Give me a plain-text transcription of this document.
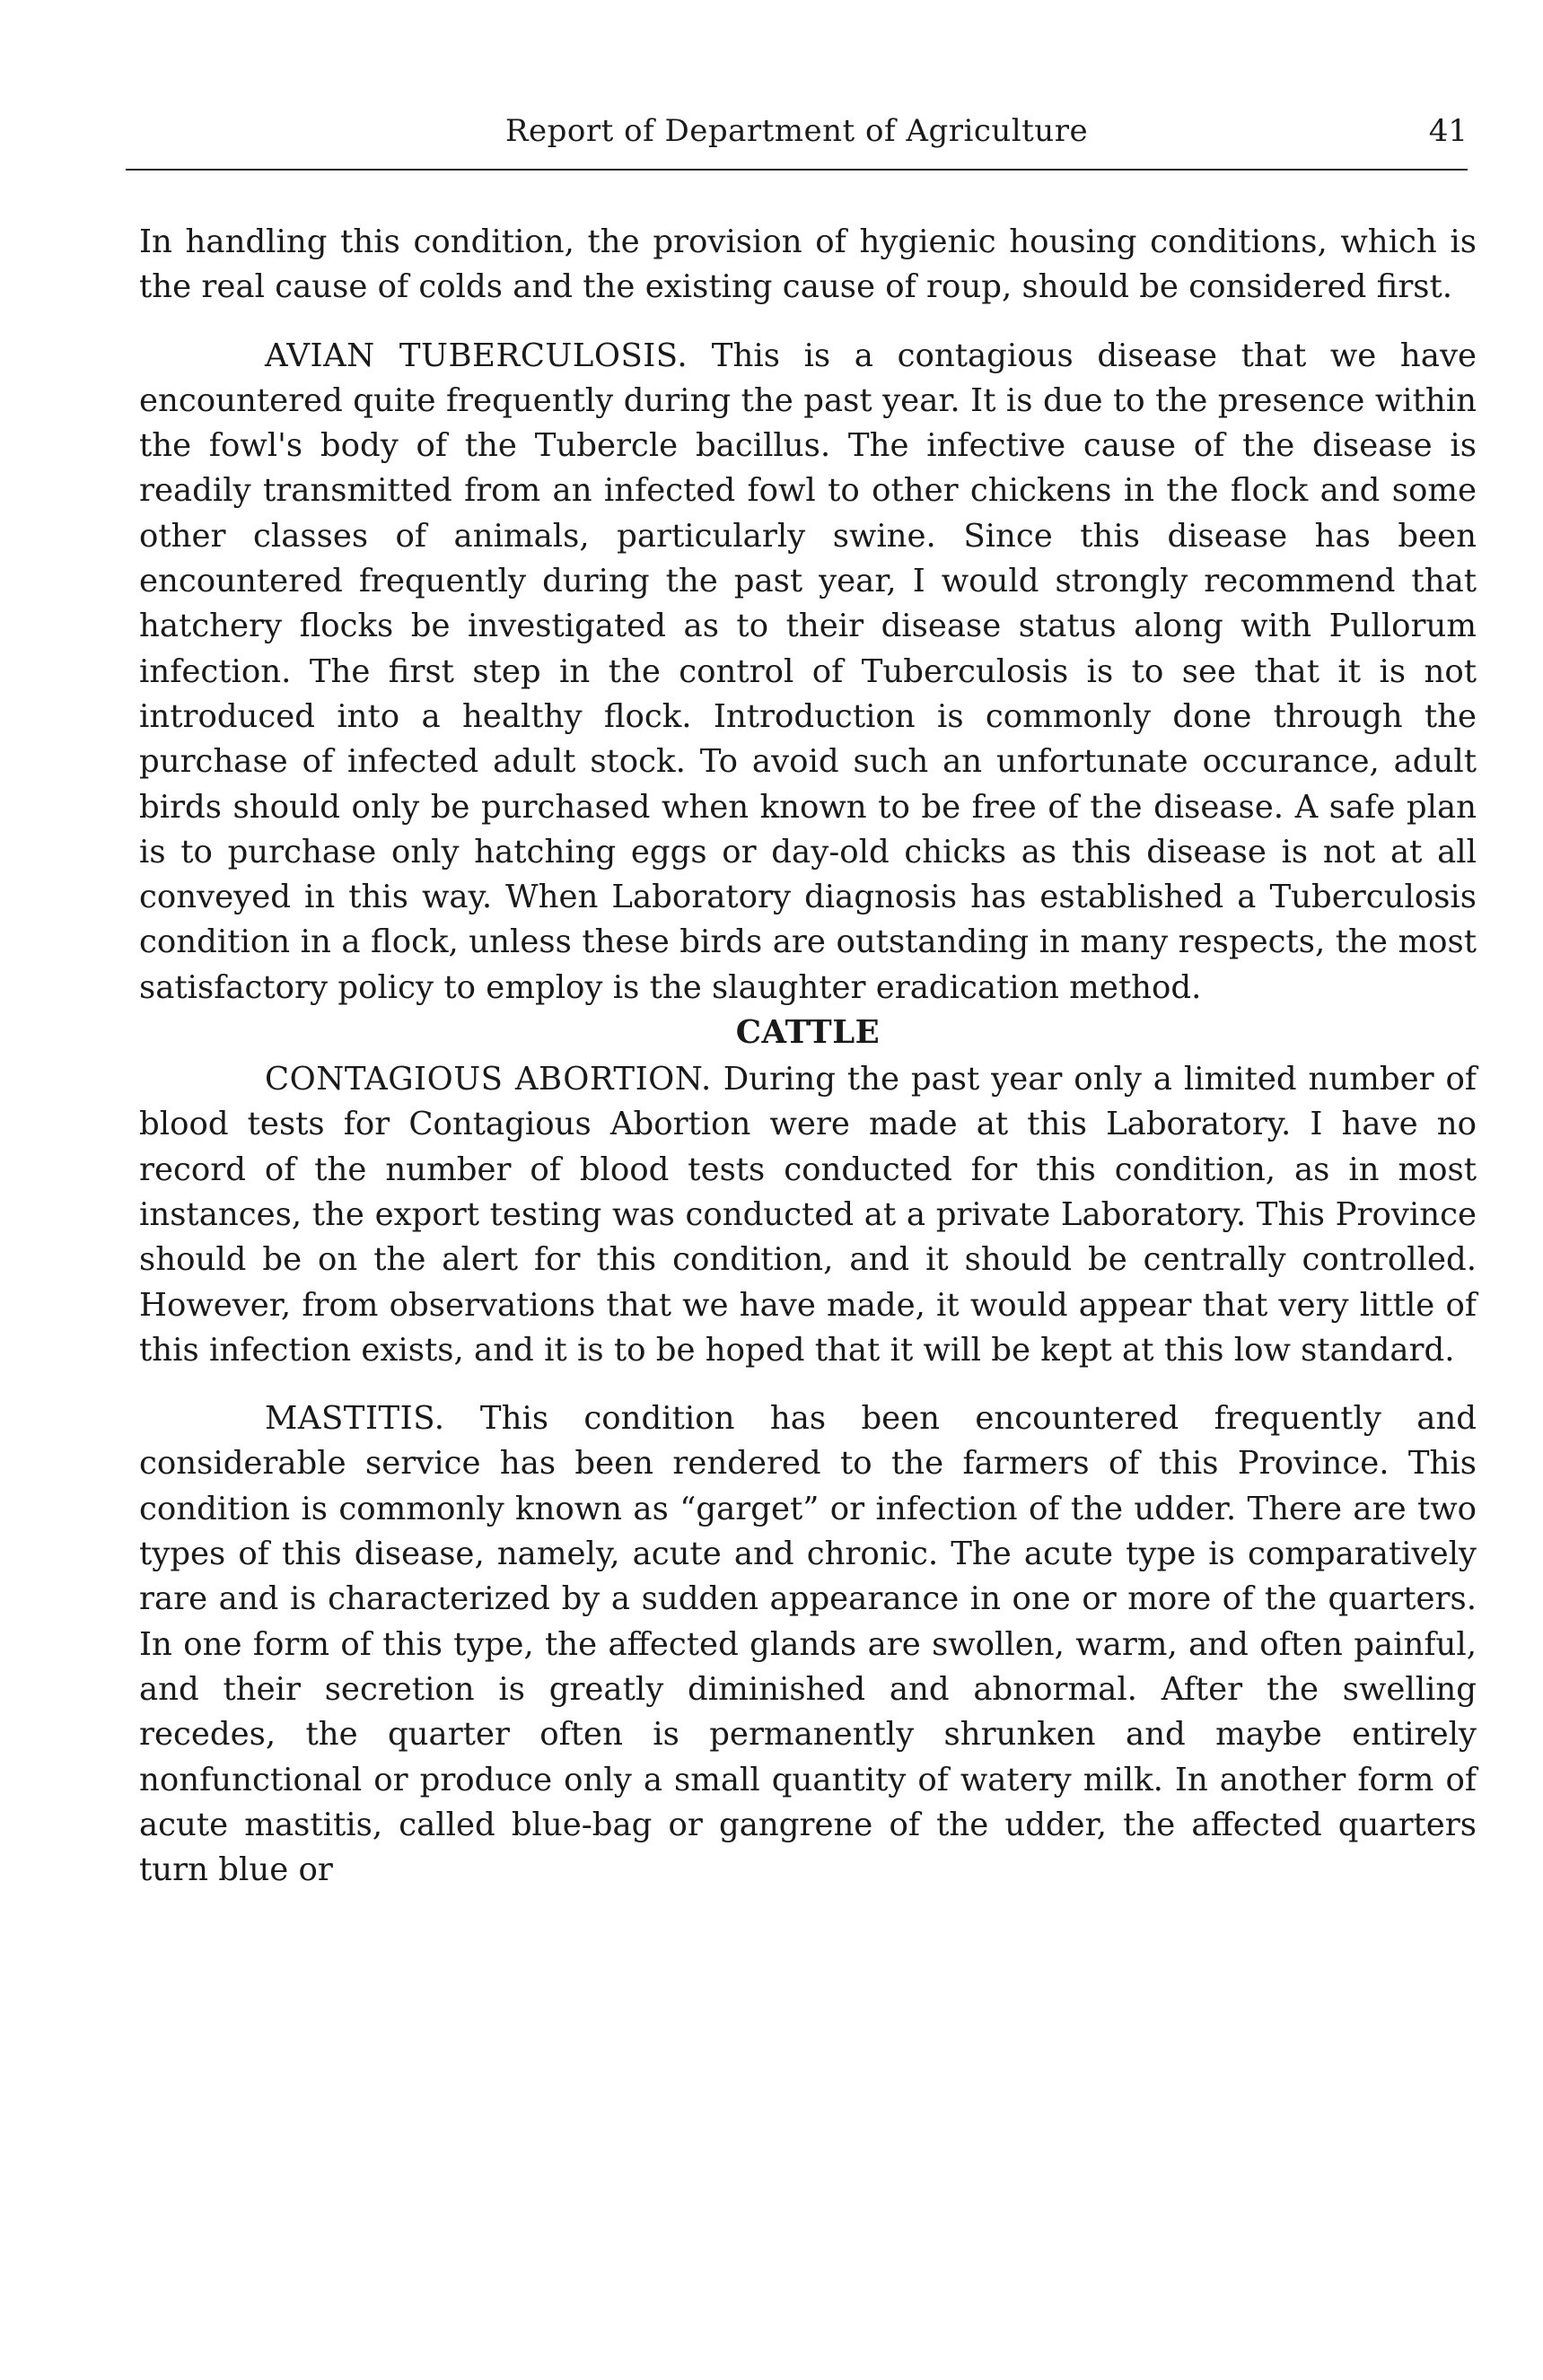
Report of Department of Agriculture	41

In handling this condition, the provision of hygienic housing conditions, which is the real cause of colds and the existing cause of roup, should be considered first.

AVIAN TUBERCULOSIS. This is a contagious disease that we have encountered quite frequently during the past year. It is due to the presence within the fowl's body of the Tubercle bacillus. The infective cause of the disease is readily transmitted from an infected fowl to other chickens in the flock and some other classes of animals, particularly swine. Since this disease has been encountered frequently during the past year, I would strongly recommend that hatchery flocks be investigated as to their disease status along with Pullorum infection. The first step in the control of Tuberculosis is to see that it is not introduced into a healthy flock. Introduction is commonly done through the purchase of infected adult stock. To avoid such an unfortunate occurance, adult birds should only be purchased when known to be free of the disease. A safe plan is to purchase only hatching eggs or day-old chicks as this disease is not at all conveyed in this way. When Laboratory diagnosis has established a Tuberculosis condition in a flock, unless these birds are outstanding in many respects, the most satisfactory policy to employ is the slaughter eradication method.

CATTLE

CONTAGIOUS ABORTION. During the past year only a limited number of blood tests for Contagious Abortion were made at this Laboratory. I have no record of the number of blood tests conducted for this condition, as in most instances, the export testing was conducted at a private Laboratory. This Province should be on the alert for this condition, and it should be centrally controlled. However, from observations that we have made, it would appear that very little of this infection exists, and it is to be hoped that it will be kept at this low standard.

MASTITIS. This condition has been encountered frequently and considerable service has been rendered to the farmers of this Province. This condition is commonly known as “garget” or infection of the udder. There are two types of this disease, namely, acute and chronic. The acute type is comparatively rare and is characterized by a sudden appearance in one or more of the quarters. In one form of this type, the affected glands are swollen, warm, and often painful, and their secretion is greatly diminished and abnormal. After the swelling recedes, the quarter often is permanently shrunken and maybe entirely nonfunctional or produce only a small quantity of watery milk. In another form of acute mastitis, called blue-bag or gangrene of the udder, the affected quarters turn blue or
